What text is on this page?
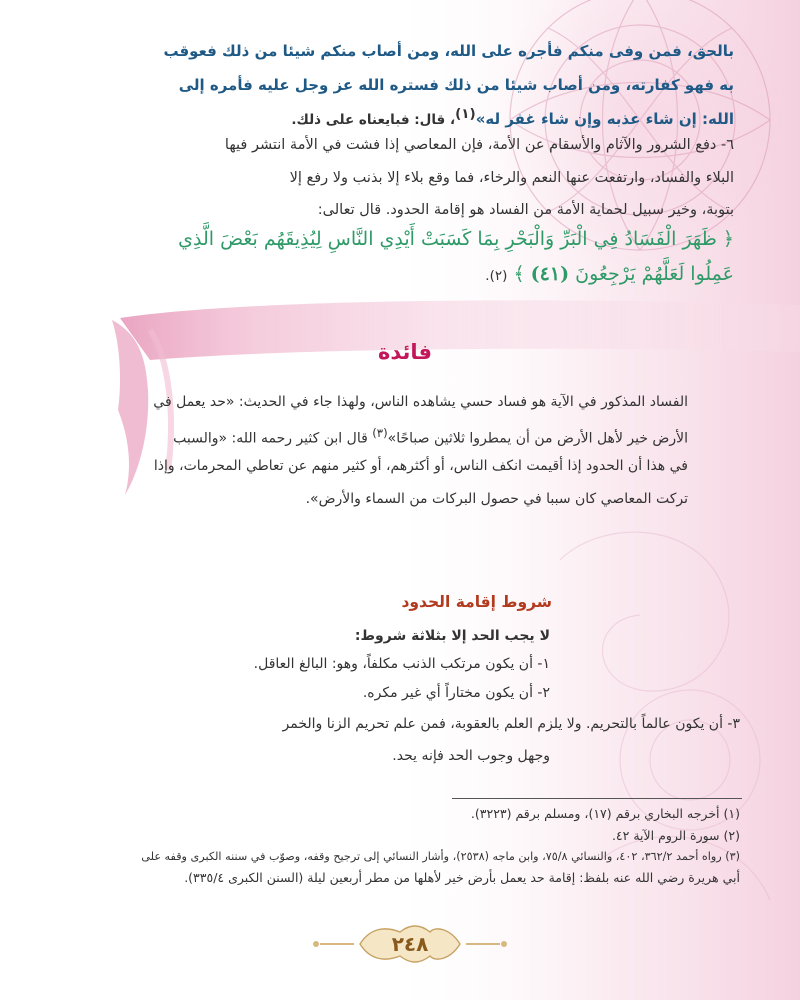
بالحق، فمن وفى منكم فأجره على الله، ومن أصاب منكم شيئا من ذلك فعوقب
به فهو كفارته، ومن أصاب شيئا من ذلك فستره الله عز وجل عليه فأمره إلى
الله: إن شاء عذبه وإن شاء غفر له»$^{(١)}$، قال: فبايعناه على ذلك.
٦- دفع الشرور والآثام والأسقام عن الأمة، فإن المعاصي إذا فشت في الأمة انتشر فيها
البلاء والفساد، وارتفعت عنها النعم والرخاء، فما وقع بلاء إلا بذنب ولا رفع إلا
بتوبة، وخير سبيل لحماية الأمة من الفساد هو إقامة الحدود. قال تعالى:
﴿ ظَهَرَ الْفَسَادُ فِي الْبَرِّ وَالْبَحْرِ بِمَا كَسَبَتْ أَيْدِي النَّاسِ لِيُذِيقَهُم بَعْضَ الَّذِي
عَمِلُوا لَعَلَّهُمْ يَرْجِعُونَ (٤١) ﴾ (٢).
فائدة
الفساد المذكور في الآية هو فساد حسي يشاهده الناس، ولهذا جاء في الحديث: «حد يعمل في
الأرض خير لأهل الأرض من أن يمطروا ثلاثين صباحًا»$^{(٣)}$ قال ابن كثير رحمه الله: «والسبب
في هذا أن الحدود إذا أقيمت انكف الناس، أو أكثرهم، أو كثير منهم عن تعاطي المحرمات، وإذا
تركت المعاصي كان سببا في حصول البركات من السماء والأرض».
شروط إقامة الحدود
لا يجب الحد إلا بثلاثة شروط:
١- أن يكون مرتكب الذنب مكلفاً، وهو: البالغ العاقل.
٢- أن يكون مختاراً أي غير مكره.
٣- أن يكون عالماً بالتحريم. ولا يلزم العلم بالعقوبة، فمن علم تحريم الزنا والخمر
وجهل وجوب الحد فإنه يحد.
(١) أخرجه البخاري برقم (١٧)، ومسلم برقم (٣٢٢٣).
(٢) سورة الروم الآية ٤٢.
(٣) رواه أحمد ٣٦٢/٢، ٤٠٢، والنسائي ٧٥/٨، وابن ماجه (٢٥٣٨)، وأشار النسائي إلى ترجيح وقفه، وصوّب في سننه الكبرى وقفه على
أبي هريرة رضي الله عنه بلفظ: إقامة حد يعمل بأرض خير لأهلها من مطر أربعين ليلة (السنن الكبرى ٣٣٥/٤).
٢٤٨
